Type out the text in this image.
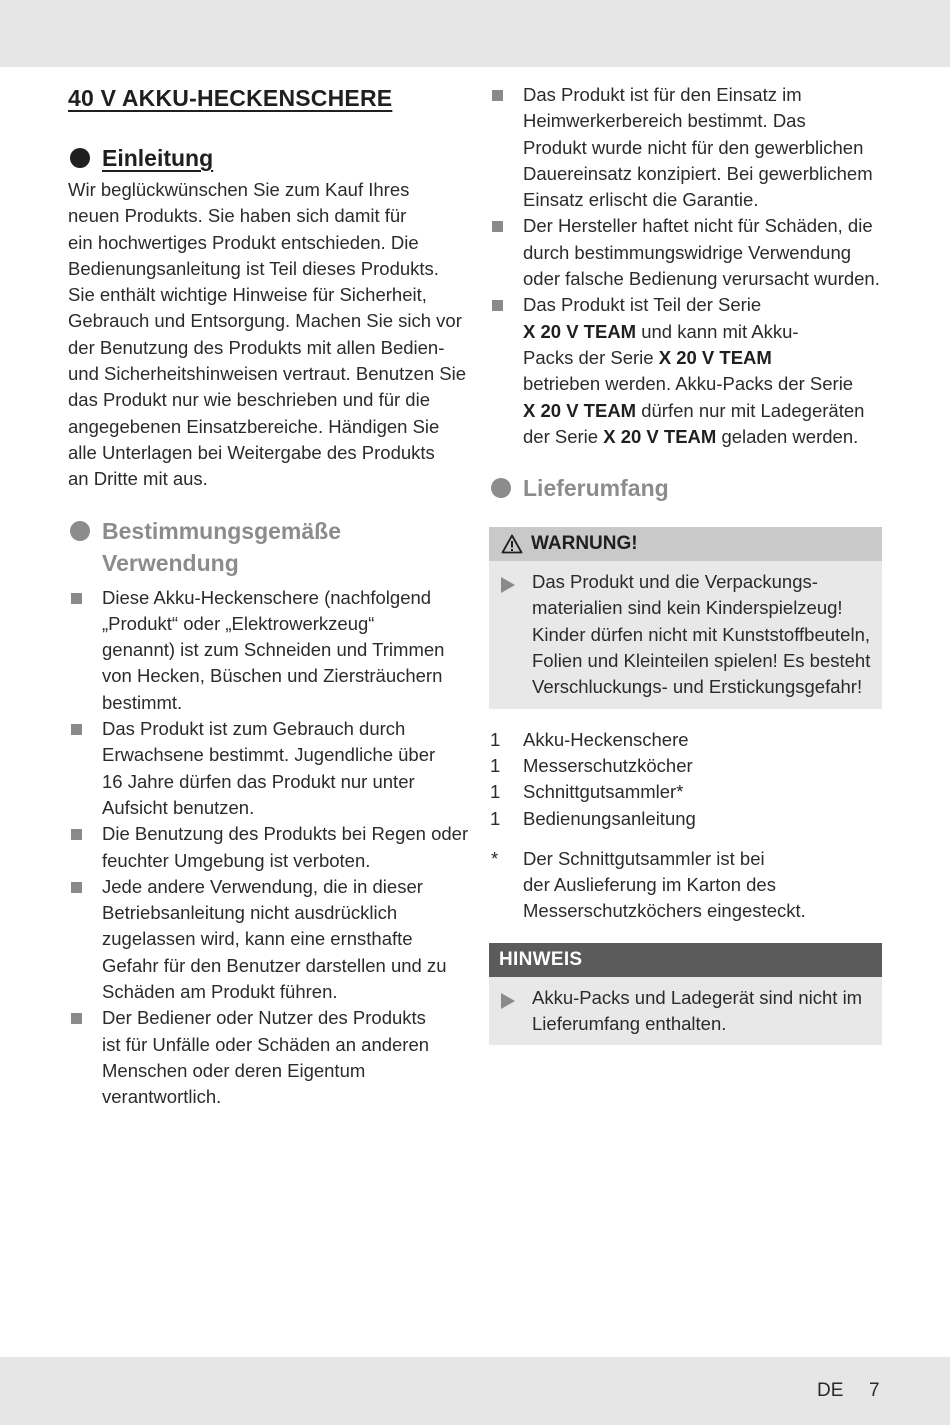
40 V AKKU-HECKENSCHERE
Einleitung

Wir beglückwünschen Sie zum Kauf Ihres
neuen Produkts. Sie haben sich damit für
ein hochwertiges Produkt entschieden. Die
Bedienungsanleitung ist Teil dieses Produkts.
Sie enthält wichtige Hinweise für Sicherheit,
Gebrauch und Entsorgung. Machen Sie sich vor
der Benutzung des Produkts mit allen Bedien-
und Sicherheitshinweisen vertraut. Benutzen Sie
das Produkt nur wie beschrieben und für die
angegebenen Einsatzbereiche. Händigen Sie
alle Unterlagen bei Weitergabe des Produkts
an Dritte mit aus.

Bestimmungsgemäße
Verwendung
Diese Akku-Heckenschere (nachfolgend
„Produkt“ oder „Elektrowerkzeug“
genannt) ist zum Schneiden und Trimmen
von Hecken, Büschen und Ziersträuchern
bestimmt.
Das Produkt ist zum Gebrauch durch
Erwachsene bestimmt. Jugendliche über
16 Jahre dürfen das Produkt nur unter
Aufsicht benutzen.
Die Benutzung des Produkts bei Regen oder
feuchter Umgebung ist verboten.
Jede andere Verwendung, die in dieser
Betriebsanleitung nicht ausdrücklich
zugelassen wird, kann eine ernsthafte
Gefahr für den Benutzer darstellen und zu
Schäden am Produkt führen.
Der Bediener oder Nutzer des Produkts
ist für Unfälle oder Schäden an anderen
Menschen oder deren Eigentum
verantwortlich.
Das Produkt ist für den Einsatz im
Heimwerkerbereich bestimmt. Das
Produkt wurde nicht für den gewerblichen
Dauereinsatz konzipiert. Bei gewerblichem
Einsatz erlischt die Garantie.
Der Hersteller haftet nicht für Schäden, die
durch bestimmungswidrige Verwendung
oder falsche Bedienung verursacht wurden.
Das Produkt ist Teil der Serie
X 20 V TEAM und kann mit Akku-
Packs der Serie X 20 V TEAM
betrieben werden. Akku-Packs der Serie
X 20 V TEAM dürfen nur mit Ladegeräten
der Serie X 20 V TEAM geladen werden.
Lieferumfang
WARNUNG!
Das Produkt und die Verpackungs-
materialien sind kein Kinderspielzeug!
Kinder dürfen nicht mit Kunststoffbeuteln,
Folien und Kleinteilen spielen! Es besteht
Verschluckungs- und Erstickungsgefahr!
1 Akku-Heckenschere
1 Messerschutzköcher
1 Schnittgutsammler*
1 Bedienungsanleitung
* Der Schnittgutsammler ist bei
der Auslieferung im Karton des
Messerschutzköchers eingesteckt.
HINWEIS
Akku-Packs und Ladegerät sind nicht im
Lieferumfang enthalten.
DE 7
